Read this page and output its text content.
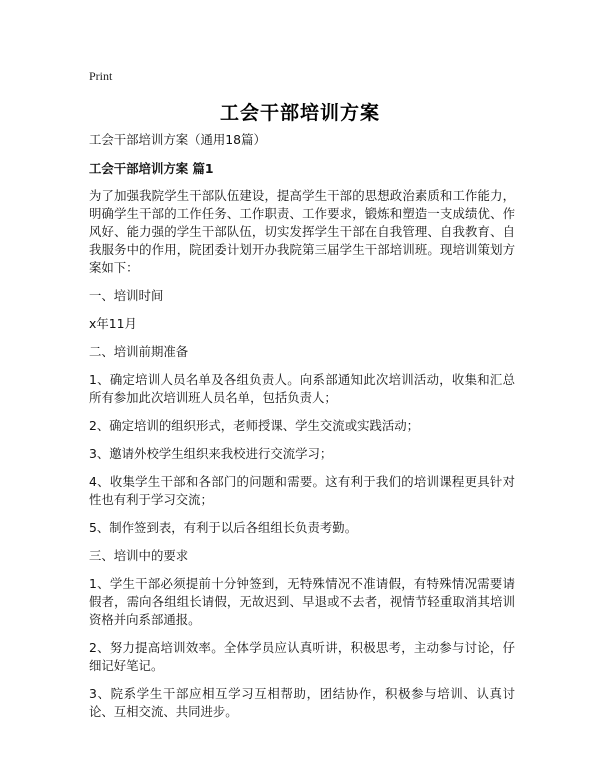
Print
工会干部培训方案

工会干部培训方案（通用18篇）

工会干部培训方案 篇1

为了加强我院学生干部队伍建设，提高学生干部的思想政治素质和工作能力，明确学生干部的工作任务、工作职责、工作要求，锻炼和塑造一支成绩优、作风好、能力强的学生干部队伍，切实发挥学生干部在自我管理、自我教育、自我服务中的作用，院团委计划开办我院第三届学生干部培训班。现培训策划方案如下：

一、培训时间

x年11月

二、培训前期准备

1、确定培训人员名单及各组负责人。向系部通知此次培训活动，收集和汇总所有参加此次培训班人员名单，包括负责人；

2、确定培训的组织形式，老师授课、学生交流或实践活动；

3、邀请外校学生组织来我校进行交流学习；

4、收集学生干部和各部门的问题和需要。这有利于我们的培训课程更具针对性也有利于学习交流；

5、制作签到表，有利于以后各组组长负责考勤。

三、培训中的要求

1、学生干部必须提前十分钟签到，无特殊情况不准请假，有特殊情况需要请假者，需向各组组长请假，无故迟到、早退或不去者，视情节轻重取消其培训资格并向系部通报。

2、努力提高培训效率。全体学员应认真听讲，积极思考，主动参与讨论，仔细记好笔记。

3、院系学生干部应相互学习互相帮助，团结协作，积极参与培训、认真讨论、互相交流、共同进步。
